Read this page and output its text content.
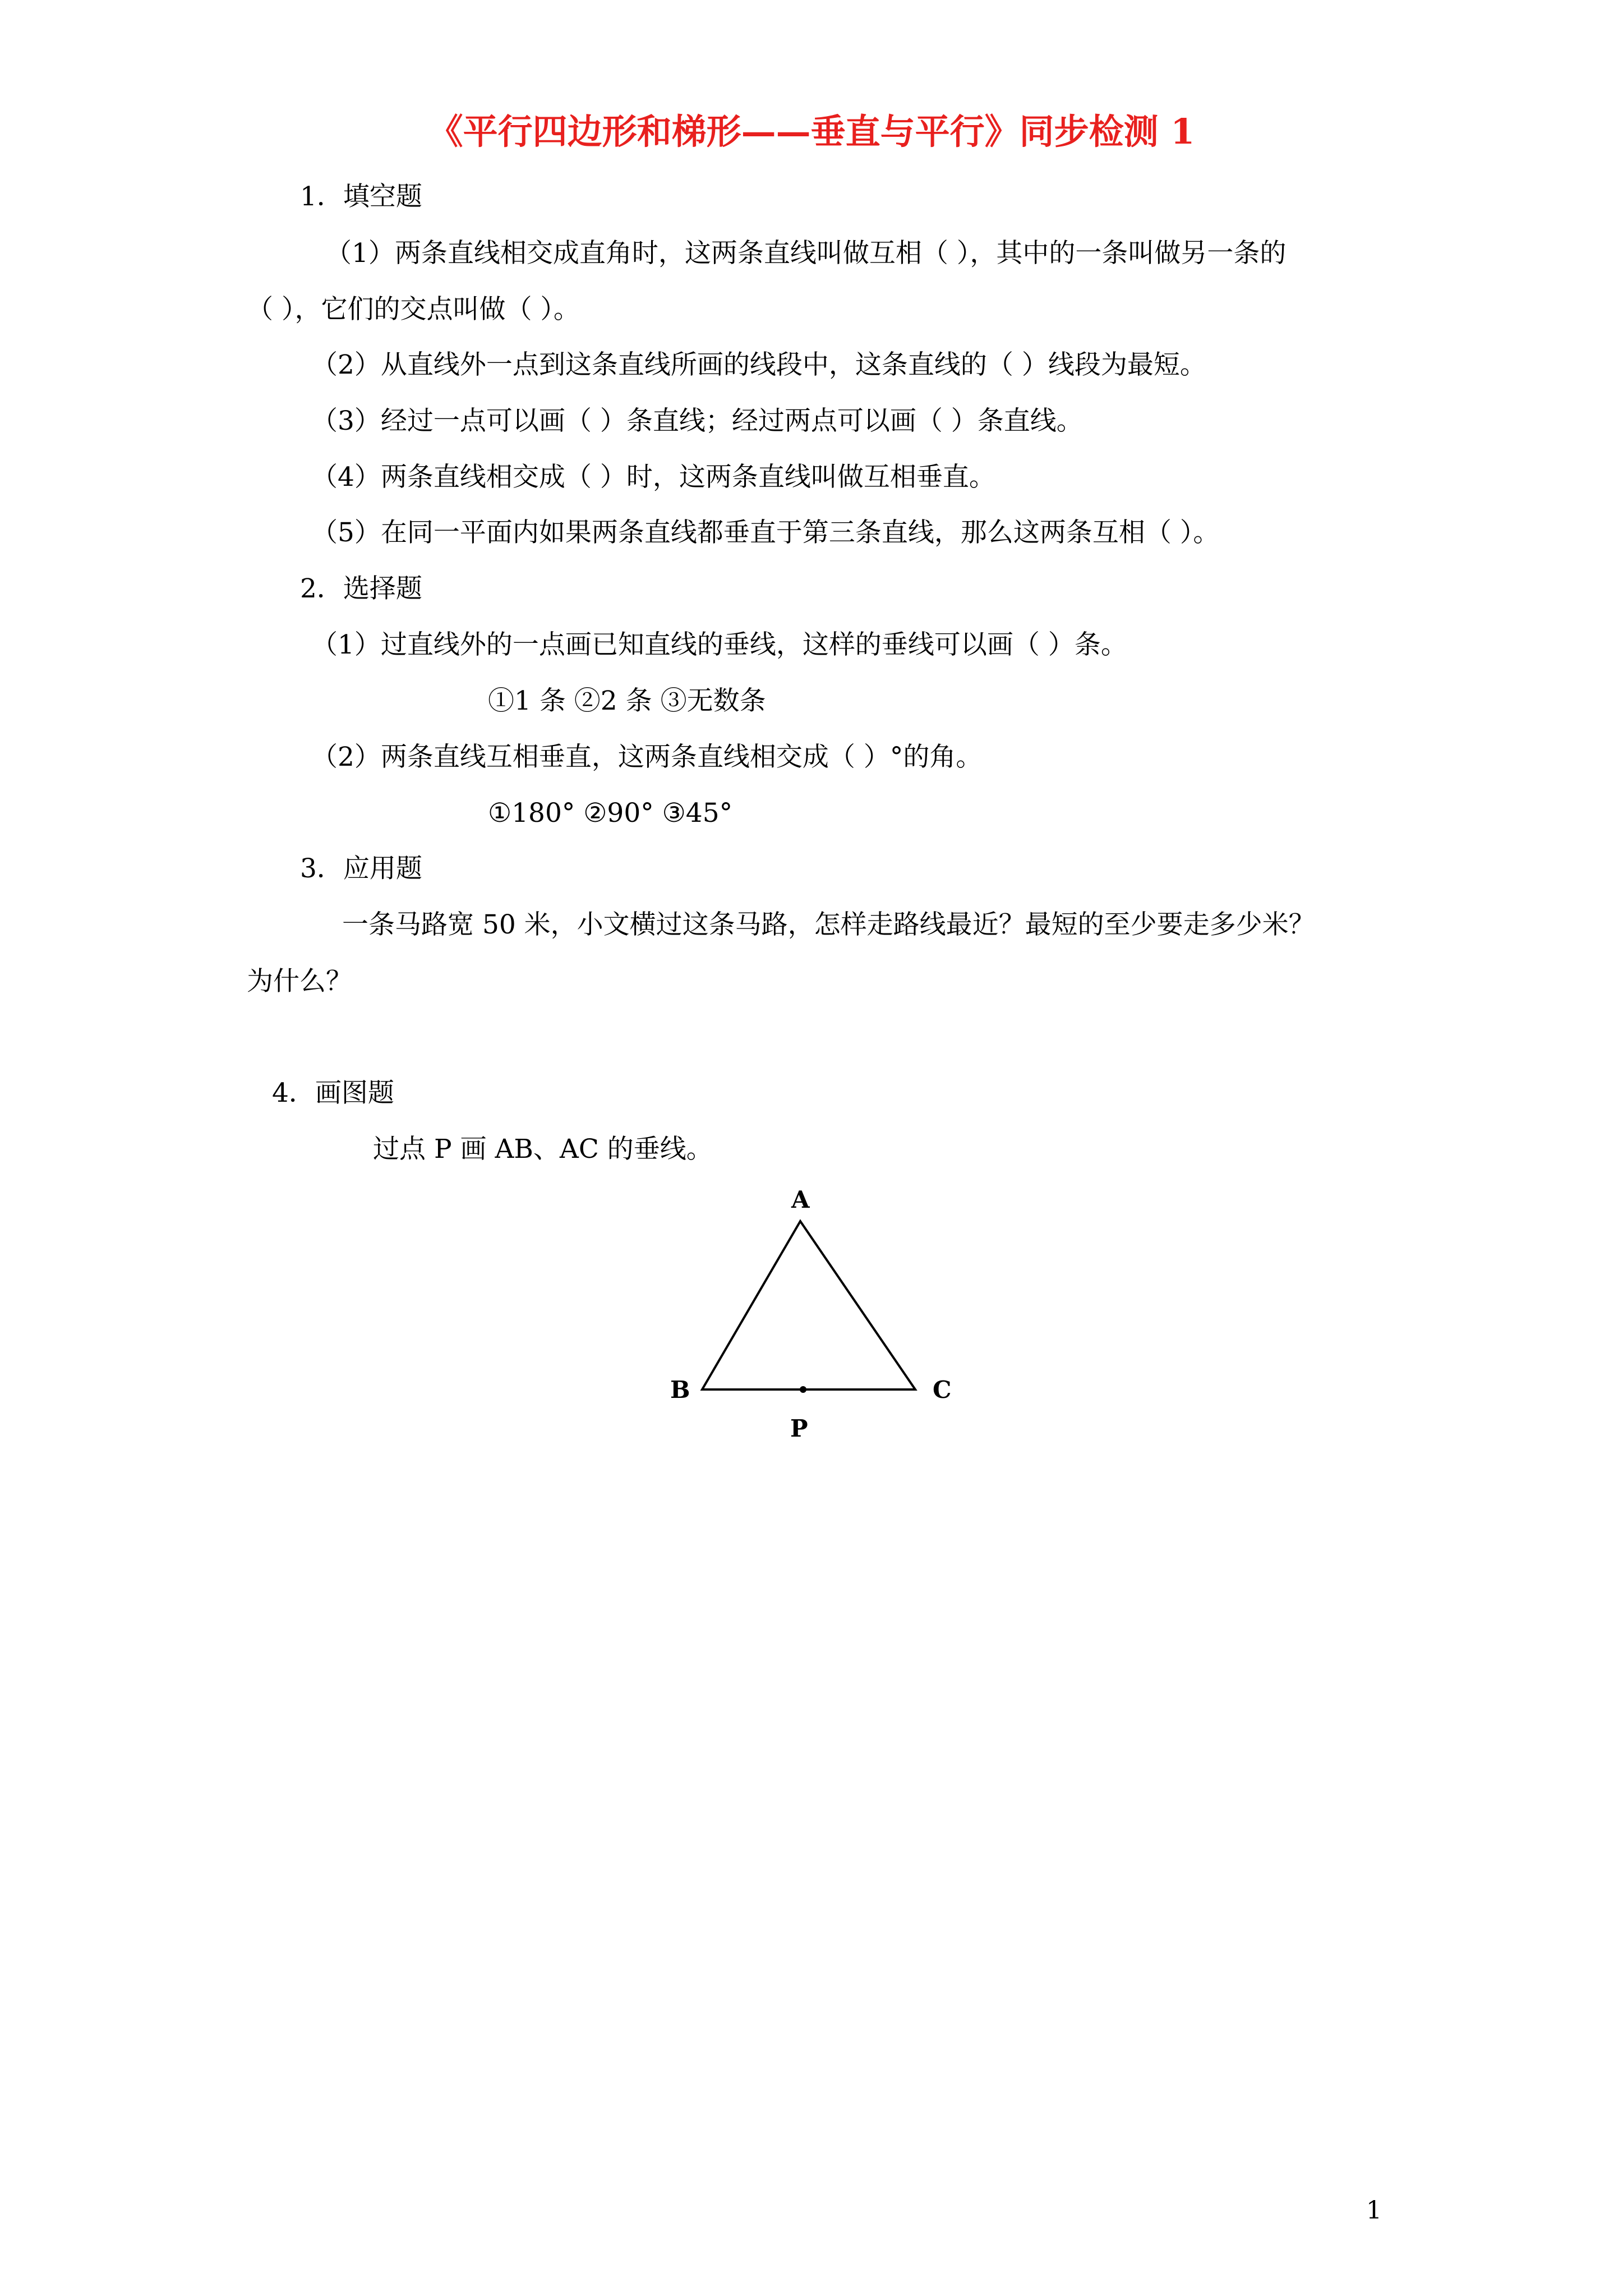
《平行四边形和梯形——垂直与平行》同步检测 1
1．填空题
（1）两条直线相交成直角时，这两条直线叫做互相（ ），其中的一条叫做另一条的
（ ），它们的交点叫做（ ）。
（2）从直线外一点到这条直线所画的线段中，这条直线的（ ）线段为最短。
（3）经过一点可以画（ ）条直线；经过两点可以画（ ）条直线。
（4）两条直线相交成（ ）时，这两条直线叫做互相垂直。
（5）在同一平面内如果两条直线都垂直于第三条直线，那么这两条互相（ ）。
2．选择题
（1）过直线外的一点画已知直线的垂线，这样的垂线可以画（ ）条。
①1 条 ②2 条 ③无数条
（2）两条直线互相垂直，这两条直线相交成（ ）°的角。
①180° ②90° ③45°
3．应用题
一条马路宽 50 米，小文横过这条马路，怎样走路线最近？最短的至少要走多少米？
为什么？
4．画图题
过点 P 画 AB、AC 的垂线。
A
B	C
P
1
